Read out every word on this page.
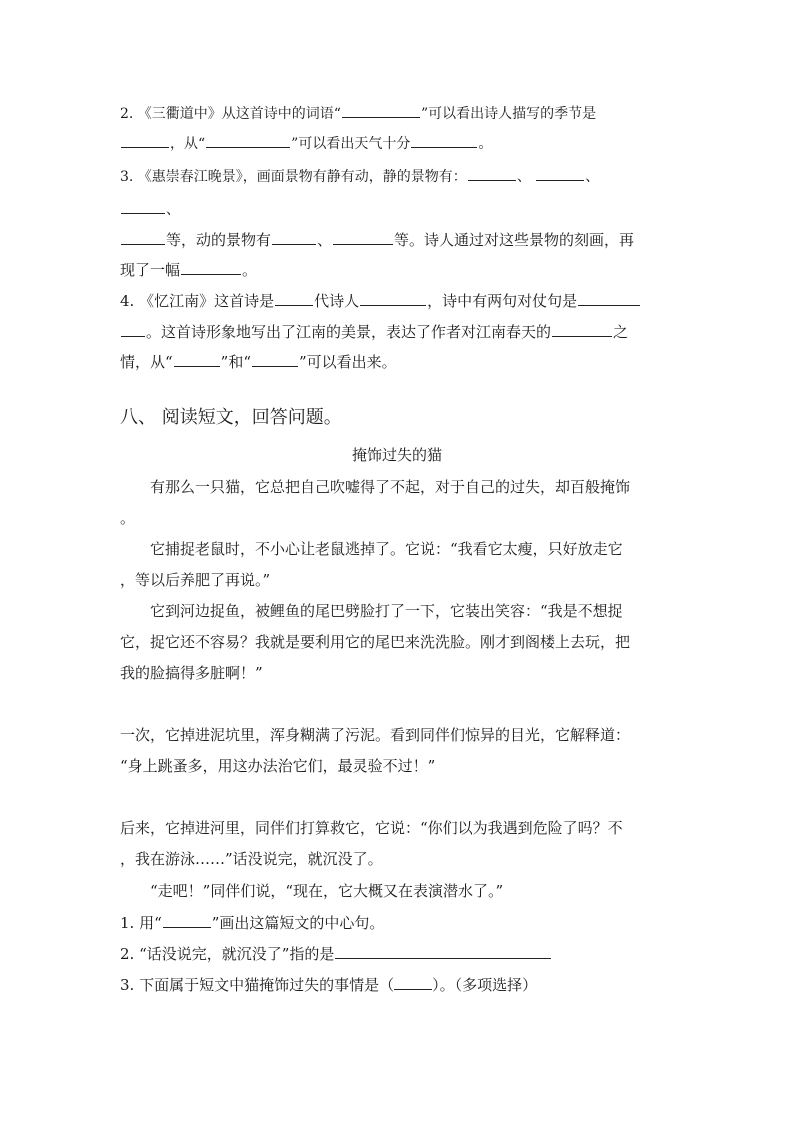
2. 《三衢道中》从这首诗中的词语“	”可以看出诗人描写的季节是
，从“	”可以看出天气十分	。
3. 《惠崇春江晚景》，画面景物有静有动，静的景物有：	、	、
、
等，动的景物有	、	等。诗人通过对这些景物的刻画，再
现了一幅	。
4. 《忆江南》这首诗是	代诗人	，诗中有两句对仗句是
。这首诗形象地写出了江南的美景，表达了作者对江南春天的	之
情，从“	”和“	”可以看出来。
八、 阅读短文，回答问题。
掩饰过失的猫
有那么一只猫，它总把自己吹嘘得了不起，对于自己的过失，却百般掩饰
。
它捕捉老鼠时，不小心让老鼠逃掉了。它说：“我看它太瘦，只好放走它
，等以后养肥了再说。”
它到河边捉鱼，被鲤鱼的尾巴劈脸打了一下，它装出笑容：“我是不想捉
它，捉它还不容易？我就是要利用它的尾巴来洗洗脸。刚才到阁楼上去玩，把
我的脸搞得多脏啊！”
一次，它掉进泥坑里，浑身糊满了污泥。看到同伴们惊异的目光，它解释道：
“身上跳蚤多，用这办法治它们，最灵验不过！”
后来，它掉进河里，同伴们打算救它，它说：“你们以为我遇到危险了吗？不
，我在游泳……”话没说完，就沉没了。
“走吧！”同伴们说，“现在，它大概又在表演潜水了。”
1. 用“	”画出这篇短文的中心句。
2. “话没说完，就沉没了”指的是
3. 下面属于短文中猫掩饰过失的事情是（	）。（多项选择）
